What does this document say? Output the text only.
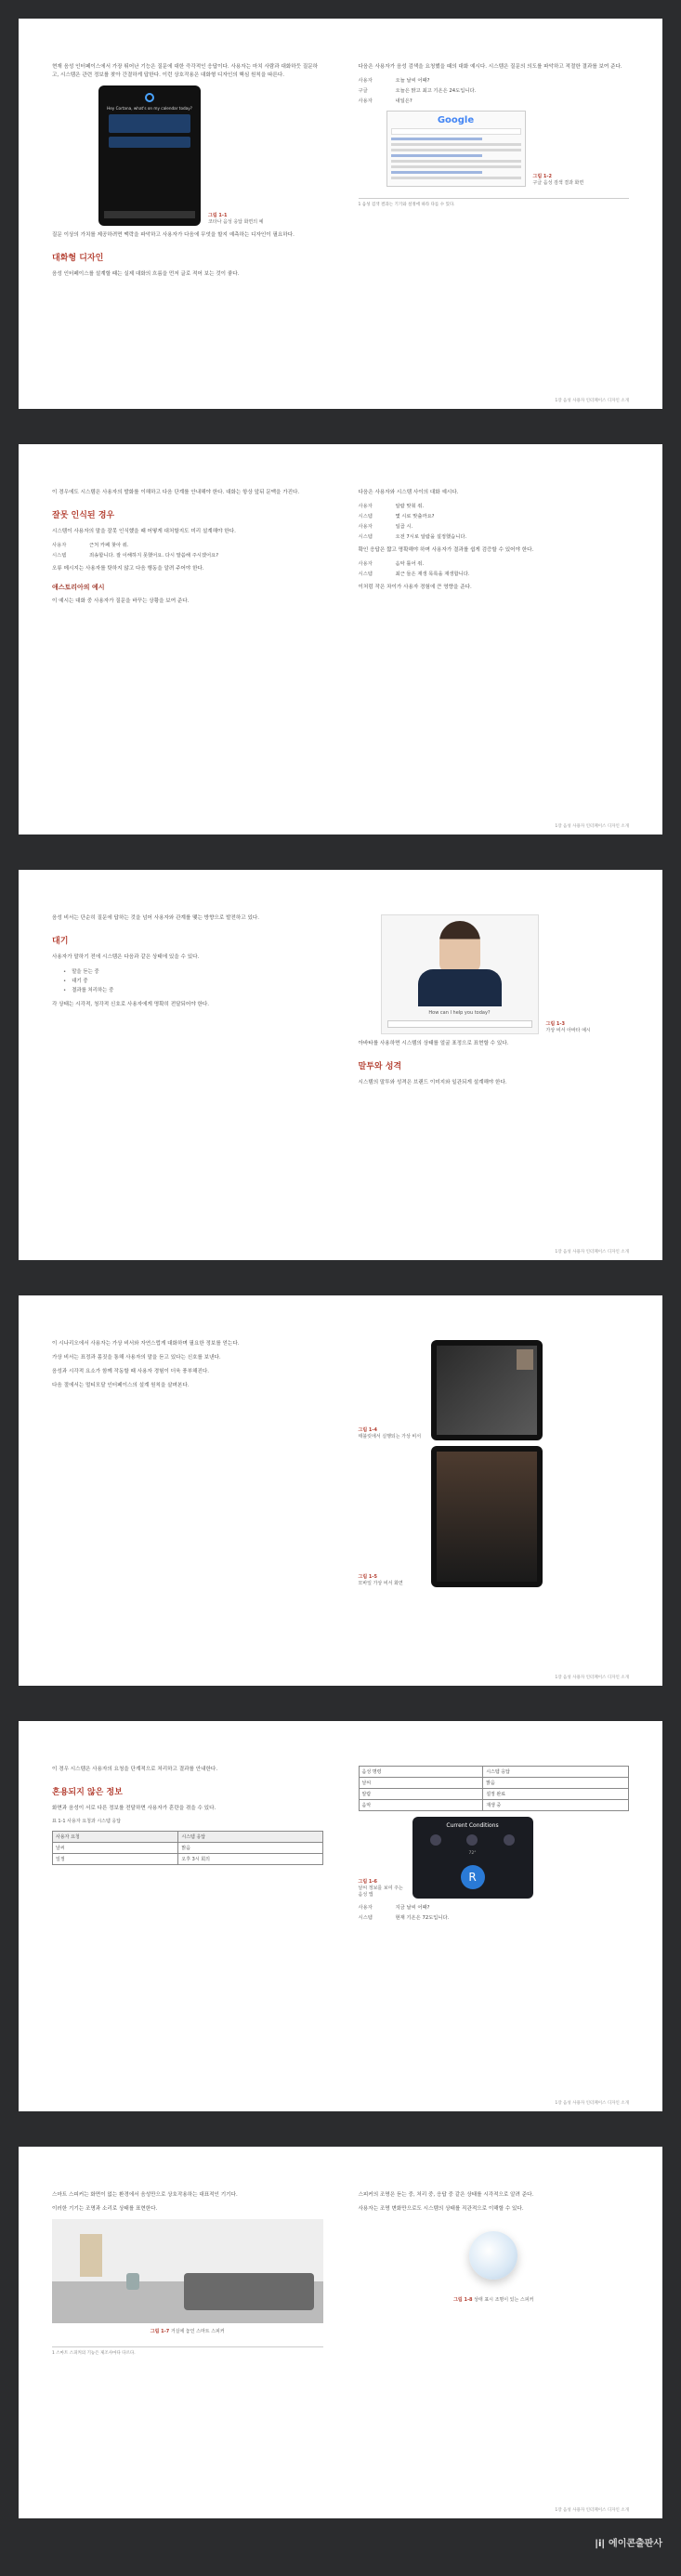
현재 음성 인터페이스에서 가장 뛰어난 기능은 질문에 대한 즉각적인 응답이다. 사용자는 마치 사람과 대화하듯 질문하고, 시스템은 관련 정보를 찾아 간결하게 답한다. 이런 상호작용은 대화형 디자인의 핵심 원칙을 따른다.

Hey Cortana, what's on my calendar today?
그림 1-1
코타나 음성 응답 화면의 예

질문 이상의 가치를 제공하려면 맥락을 파악하고 사용자가 다음에 무엇을 할지 예측하는 디자인이 필요하다.

대화형 디자인

음성 인터페이스를 설계할 때는 실제 대화의 흐름을 먼저 글로 적어 보는 것이 좋다.

다음은 사용자가 음성 검색을 요청했을 때의 대화 예시다. 시스템은 질문의 의도를 파악하고 적절한 결과를 보여 준다.

사용자	오늘 날씨 어때?
구글	오늘은 맑고 최고 기온은 24도입니다.
사용자	내일은?
Google
그림 1-2
구글 음성 검색 결과 화면
1 음성 검색 결과는 기기와 설정에 따라 다를 수 있다.
1장 음성 사용자 인터페이스 디자인 소개

이 경우에도 시스템은 사용자의 발화를 이해하고 다음 단계를 안내해야 한다. 대화는 항상 앞뒤 문맥을 가진다.

잘못 인식된 경우

시스템이 사용자의 말을 잘못 인식했을 때 어떻게 대처할지도 미리 설계해야 한다.

사용자	근처 카페 찾아 줘.
시스템	죄송합니다. 잘 이해하지 못했어요. 다시 말씀해 주시겠어요?

오류 메시지는 사용자를 탓하지 않고 다음 행동을 알려 주어야 한다.

애스토리아의 예시

이 예시는 대화 중 사용자가 질문을 바꾸는 상황을 보여 준다.

다음은 사용자와 시스템 사이의 대화 예시다.

사용자	알람 맞춰 줘.
시스템	몇 시로 맞출까요?
사용자	일곱 시.
시스템	오전 7시로 알람을 설정했습니다.

확인 응답은 짧고 명확해야 하며 사용자가 결과를 쉽게 검증할 수 있어야 한다.

사용자	음악 틀어 줘.
시스템	최근 들은 재생 목록을 재생합니다.

이처럼 작은 차이가 사용자 경험에 큰 영향을 준다.

1장 음성 사용자 인터페이스 디자인 소개

음성 비서는 단순히 질문에 답하는 것을 넘어 사용자와 관계를 맺는 방향으로 발전하고 있다.

대기

사용자가 말하기 전에 시스템은 다음과 같은 상태에 있을 수 있다.

• 말을 듣는 중
• 대기 중
• 결과를 처리하는 중

각 상태는 시각적, 청각적 신호로 사용자에게 명확히 전달되어야 한다.

How can I help you today?
그림 1-3
가상 비서 아바타 예시

아바타를 사용하면 시스템의 상태를 얼굴 표정으로 표현할 수 있다.

말투와 성격

시스템의 말투와 성격은 브랜드 이미지와 일관되게 설계해야 한다.

1장 음성 사용자 인터페이스 디자인 소개

이 시나리오에서 사용자는 가상 비서와 자연스럽게 대화하며 필요한 정보를 얻는다.

가상 비서는 표정과 몸짓을 통해 사용자의 말을 듣고 있다는 신호를 보낸다.

음성과 시각적 요소가 함께 작동할 때 사용자 경험이 더욱 풍부해진다.

다음 절에서는 멀티모달 인터페이스의 설계 원칙을 살펴본다.

그림 1-4
태블릿에서 실행되는 가상 비서
그림 1-5
모바일 가상 비서 화면
1장 음성 사용자 인터페이스 디자인 소개

이 경우 시스템은 사용자의 요청을 단계적으로 처리하고 결과를 안내한다.

혼용되지 않은 정보

화면과 음성이 서로 다른 정보를 전달하면 사용자가 혼란을 겪을 수 있다.

표 1-1 사용자 요청과 시스템 응답
사용자 요청	시스템 응답
날씨	맑음
일정	오후 3시 회의
음성 명령	시스템 응답
날씨	맑음
알람	설정 완료
음악	재생 중
그림 1-6
날씨 정보를 보여 주는 음성 앱
Current Conditions
72°
R
사용자	지금 날씨 어때?
시스템	현재 기온은 72도입니다.
1장 음성 사용자 인터페이스 디자인 소개

스마트 스피커는 화면이 없는 환경에서 음성만으로 상호작용하는 대표적인 기기다.

이러한 기기는 조명과 소리로 상태를 표현한다.

그림 1-7 거실에 놓인 스마트 스피커
1 스마트 스피커의 기능은 제조사마다 다르다.

스피커의 조명은 듣는 중, 처리 중, 응답 중 같은 상태를 시각적으로 알려 준다.

사용자는 조명 변화만으로도 시스템의 상태를 직관적으로 이해할 수 있다.

그림 1-8 상태 표시 조명이 있는 스피커
1장 음성 사용자 인터페이스 디자인 소개
|i| 에이콘출판사
